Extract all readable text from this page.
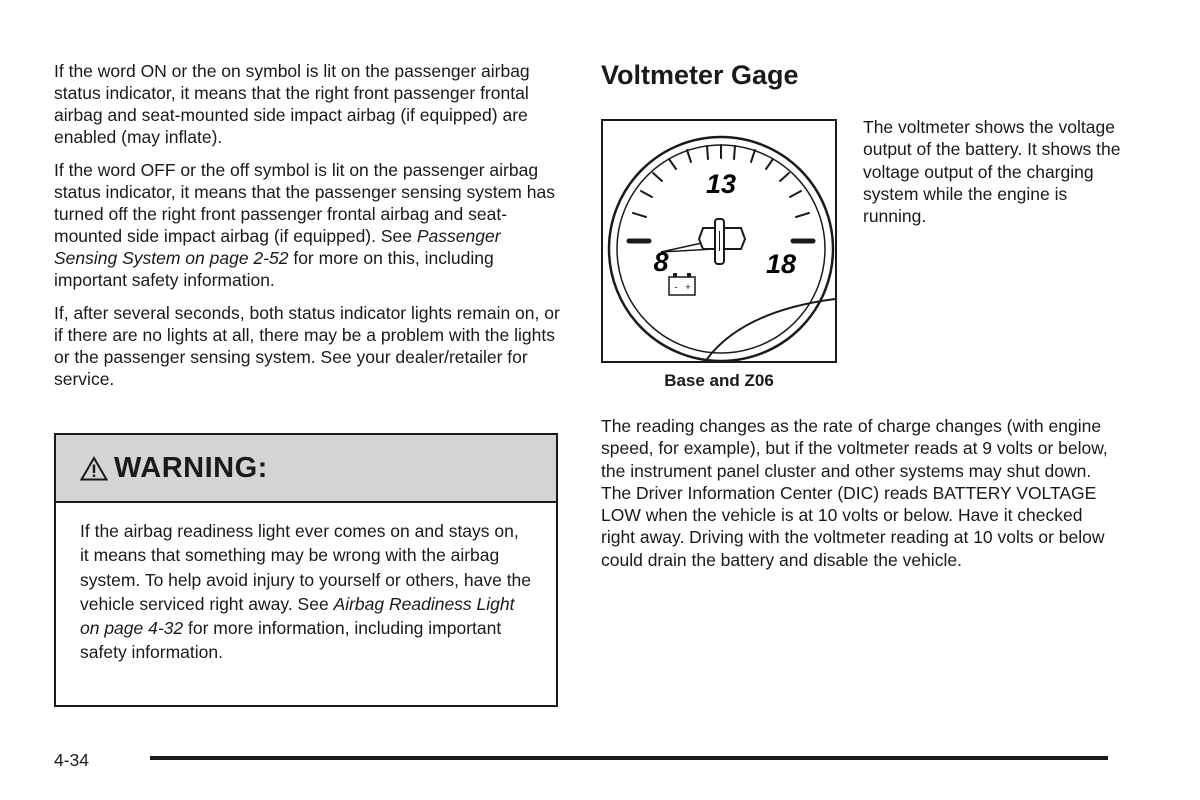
If the word ON or the on symbol is lit on the passenger airbag status indicator, it means that the right front passenger frontal airbag and seat-mounted side impact airbag (if equipped) are enabled (may inflate).

If the word OFF or the off symbol is lit on the passenger airbag status indicator, it means that the passenger sensing system has turned off the right front passenger frontal airbag and seat-mounted side impact airbag (if equipped). See Passenger Sensing System on page 2-52 for more on this, including important safety information.

If, after several seconds, both status indicator lights remain on, or if there are no lights at all, there may be a problem with the lights or the passenger sensing system. See your dealer/retailer for service.

WARNING:

If the airbag readiness light ever comes on and stays on, it means that something may be wrong with the airbag system. To help avoid injury to yourself or others, have the vehicle serviced right away. See Airbag Readiness Light on page 4-32 for more information, including important safety information.

Voltmeter Gage
13
8	18
- +
Base and Z06

The voltmeter shows the voltage output of the battery. It shows the voltage output of the charging system while the engine is running.

The reading changes as the rate of charge changes (with engine speed, for example), but if the voltmeter reads at 9 volts or below, the instrument panel cluster and other systems may shut down. The Driver Information Center (DIC) reads BATTERY VOLTAGE LOW when the vehicle is at 10 volts or below. Have it checked right away. Driving with the voltmeter reading at 10 volts or below could drain the battery and disable the vehicle.

4-34
